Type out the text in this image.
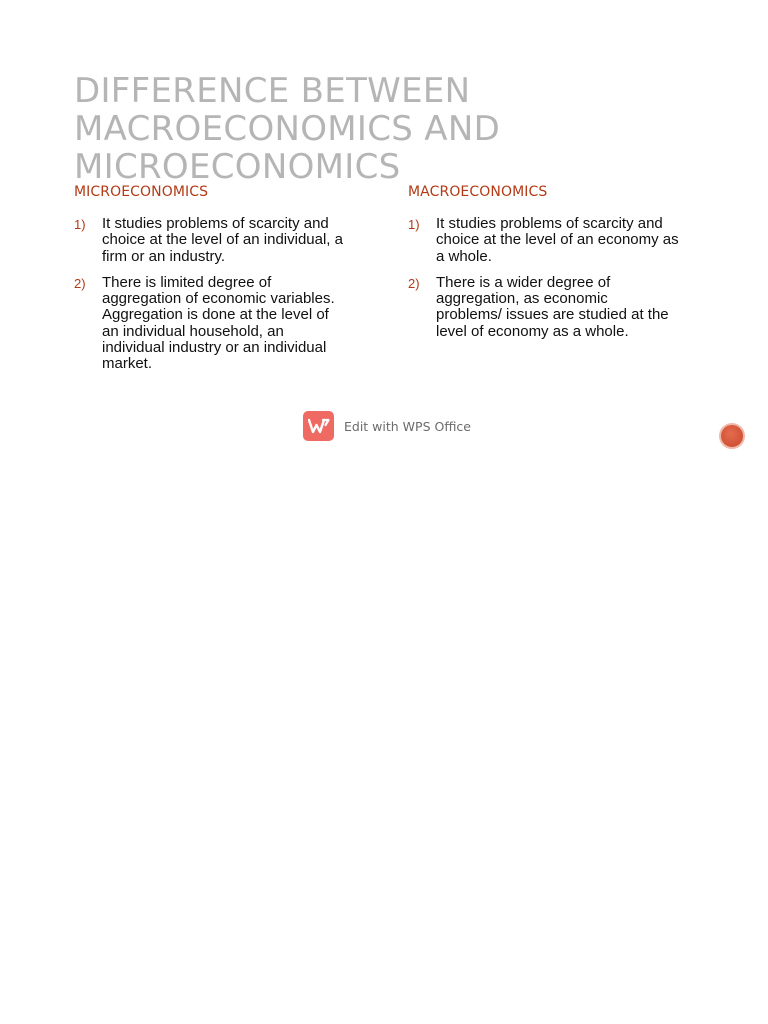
DIFFERENCE BETWEEN
MACROECONOMICS AND
MICROECONOMICS
MICROECONOMICS
1) It studies problems of scarcity and
choice at the level of an individual, a
firm or an industry.
2) There is limited degree of
aggregation of economic variables.
Aggregation is done at the level of
an individual household, an
individual industry or an individual
market.
MACROECONOMICS
1) It studies problems of scarcity and
choice at the level of an economy as
a whole.
2) There is a wider degree of
aggregation, as economic
problems/ issues are studied at the
level of economy as a whole.
Edit with WPS Office
